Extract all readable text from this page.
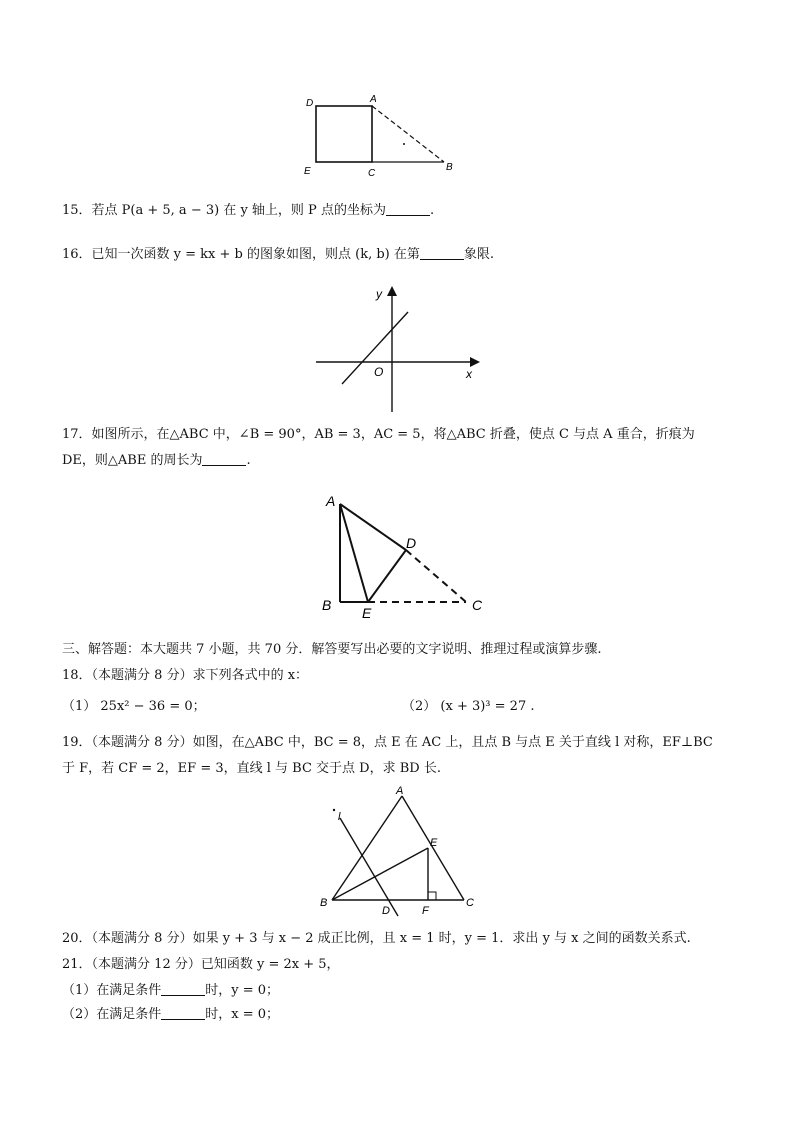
D	A
E	C
B
15．若点 P(a + 5, a − 3) 在 y 轴上，则 P 点的坐标为	.
16．已知一次函数 y = kx + b 的图象如图，则点 (k, b) 在第	象限.
y
x
O
17．如图所示，在△ABC 中，∠B = 90°，AB = 3，AC = 5，将△ABC 折叠，使点 C 与点 A 重合，折痕为
DE，则△ABE 的周长为	.
A
B E
D
C
三、解答题：本大题共 7 小题，共 70 分．解答要写出必要的文字说明、推理过程或演算步骤.
18．（本题满分 8 分）求下列各式中的 x：
（1） 25x² − 36 = 0；	（2） (x + 3)³ = 27 .
19．（本题满分 8 分）如图，在△ABC 中，BC = 8，点 E 在 AC 上，且点 B 与点 E 关于直线 l 对称，EF⊥BC
于 F，若 CF = 2，EF = 3，直线 l 与 BC 交于点 D，求 BD 长.
A
l
E
B
D	F
C
20．（本题满分 8 分）如果 y + 3 与 x − 2 成正比例，且 x = 1 时，y = 1．求出 y 与 x 之间的函数关系式.
21．（本题满分 12 分）已知函数 y = 2x + 5，
（1）在满足条件	时，y = 0；
（2）在满足条件	时，x = 0；
